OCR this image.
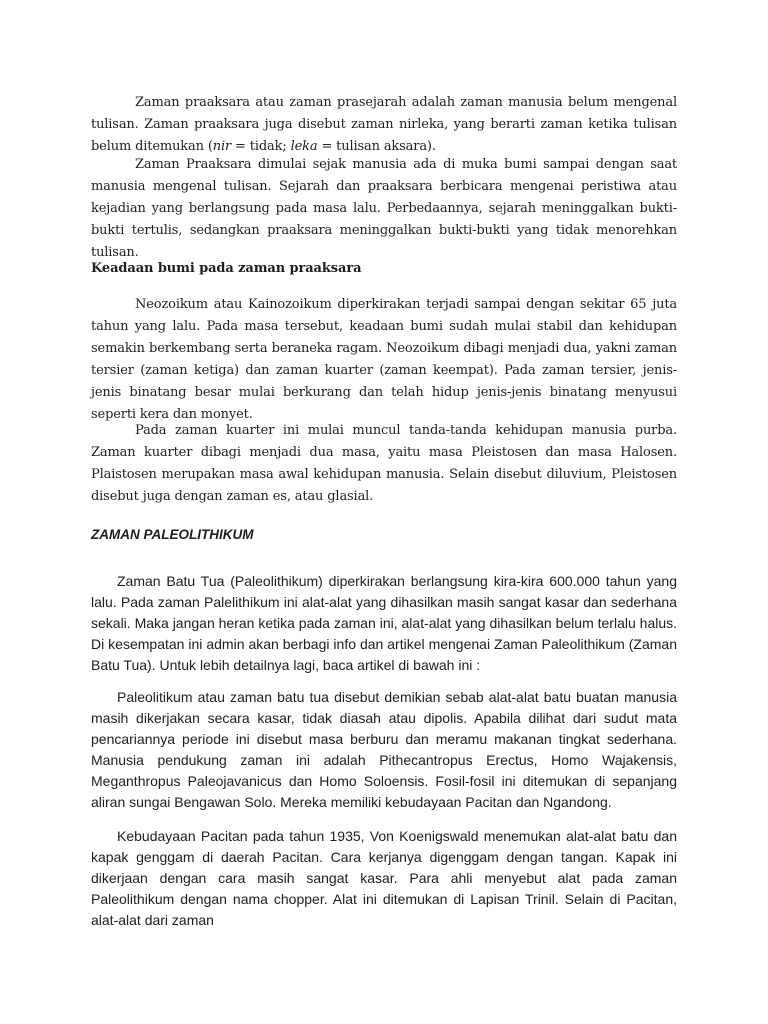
Zaman praaksara atau zaman prasejarah adalah zaman manusia belum mengenal tulisan. Zaman praaksara juga disebut zaman nirleka, yang berarti zaman ketika tulisan belum ditemukan (nir = tidak; leka = tulisan aksara).

Zaman Praaksara dimulai sejak manusia ada di muka bumi sampai dengan saat manusia mengenal tulisan. Sejarah dan praaksara berbicara mengenai peristiwa atau kejadian yang berlangsung pada masa lalu. Perbedaannya, sejarah meninggalkan bukti-bukti tertulis, sedangkan praaksara meninggalkan bukti-bukti yang tidak menorehkan tulisan.

Keadaan bumi pada zaman praaksara

Neozoikum atau Kainozoikum diperkirakan terjadi sampai dengan sekitar 65 juta tahun yang lalu. Pada masa tersebut, keadaan bumi sudah mulai stabil dan kehidupan semakin berkembang serta beraneka ragam. Neozoikum dibagi menjadi dua, yakni zaman tersier (zaman ketiga) dan zaman kuarter (zaman keempat). Pada zaman tersier, jenis-jenis binatang besar mulai berkurang dan telah hidup jenis-jenis binatang menyusui seperti kera dan monyet.

Pada zaman kuarter ini mulai muncul tanda-tanda kehidupan manusia purba. Zaman kuarter dibagi menjadi dua masa, yaitu masa Pleistosen dan masa Halosen. Plaistosen merupakan masa awal kehidupan manusia. Selain disebut diluvium, Pleistosen disebut juga dengan zaman es, atau glasial.

ZAMAN PALEOLITHIKUM

Zaman Batu Tua (Paleolithikum) diperkirakan berlangsung kira-kira 600.000 tahun yang lalu. Pada zaman Palelithikum ini alat-alat yang dihasilkan masih sangat kasar dan sederhana sekali. Maka jangan heran ketika pada zaman ini, alat-alat yang dihasilkan belum terlalu halus. Di kesempatan ini admin akan berbagi info dan artikel mengenai Zaman Paleolithikum (Zaman Batu Tua). Untuk lebih detailnya lagi, baca artikel di bawah ini :

Paleolitikum atau zaman batu tua disebut demikian sebab alat-alat batu buatan manusia masih dikerjakan secara kasar, tidak diasah atau dipolis. Apabila dilihat dari sudut mata pencariannya periode ini disebut masa berburu dan meramu makanan tingkat sederhana. Manusia pendukung zaman ini adalah Pithecantropus Erectus, Homo Wajakensis, Meganthropus Paleojavanicus dan Homo Soloensis. Fosil-fosil ini ditemukan di sepanjang aliran sungai Bengawan Solo. Mereka memiliki kebudayaan Pacitan dan Ngandong.

Kebudayaan Pacitan pada tahun 1935, Von Koenigswald menemukan alat-alat batu dan kapak genggam di daerah Pacitan. Cara kerjanya digenggam dengan tangan. Kapak ini dikerjaan dengan cara masih sangat kasar. Para ahli menyebut alat pada zaman Paleolithikum dengan nama chopper. Alat ini ditemukan di Lapisan Trinil. Selain di Pacitan, alat-alat dari zaman
